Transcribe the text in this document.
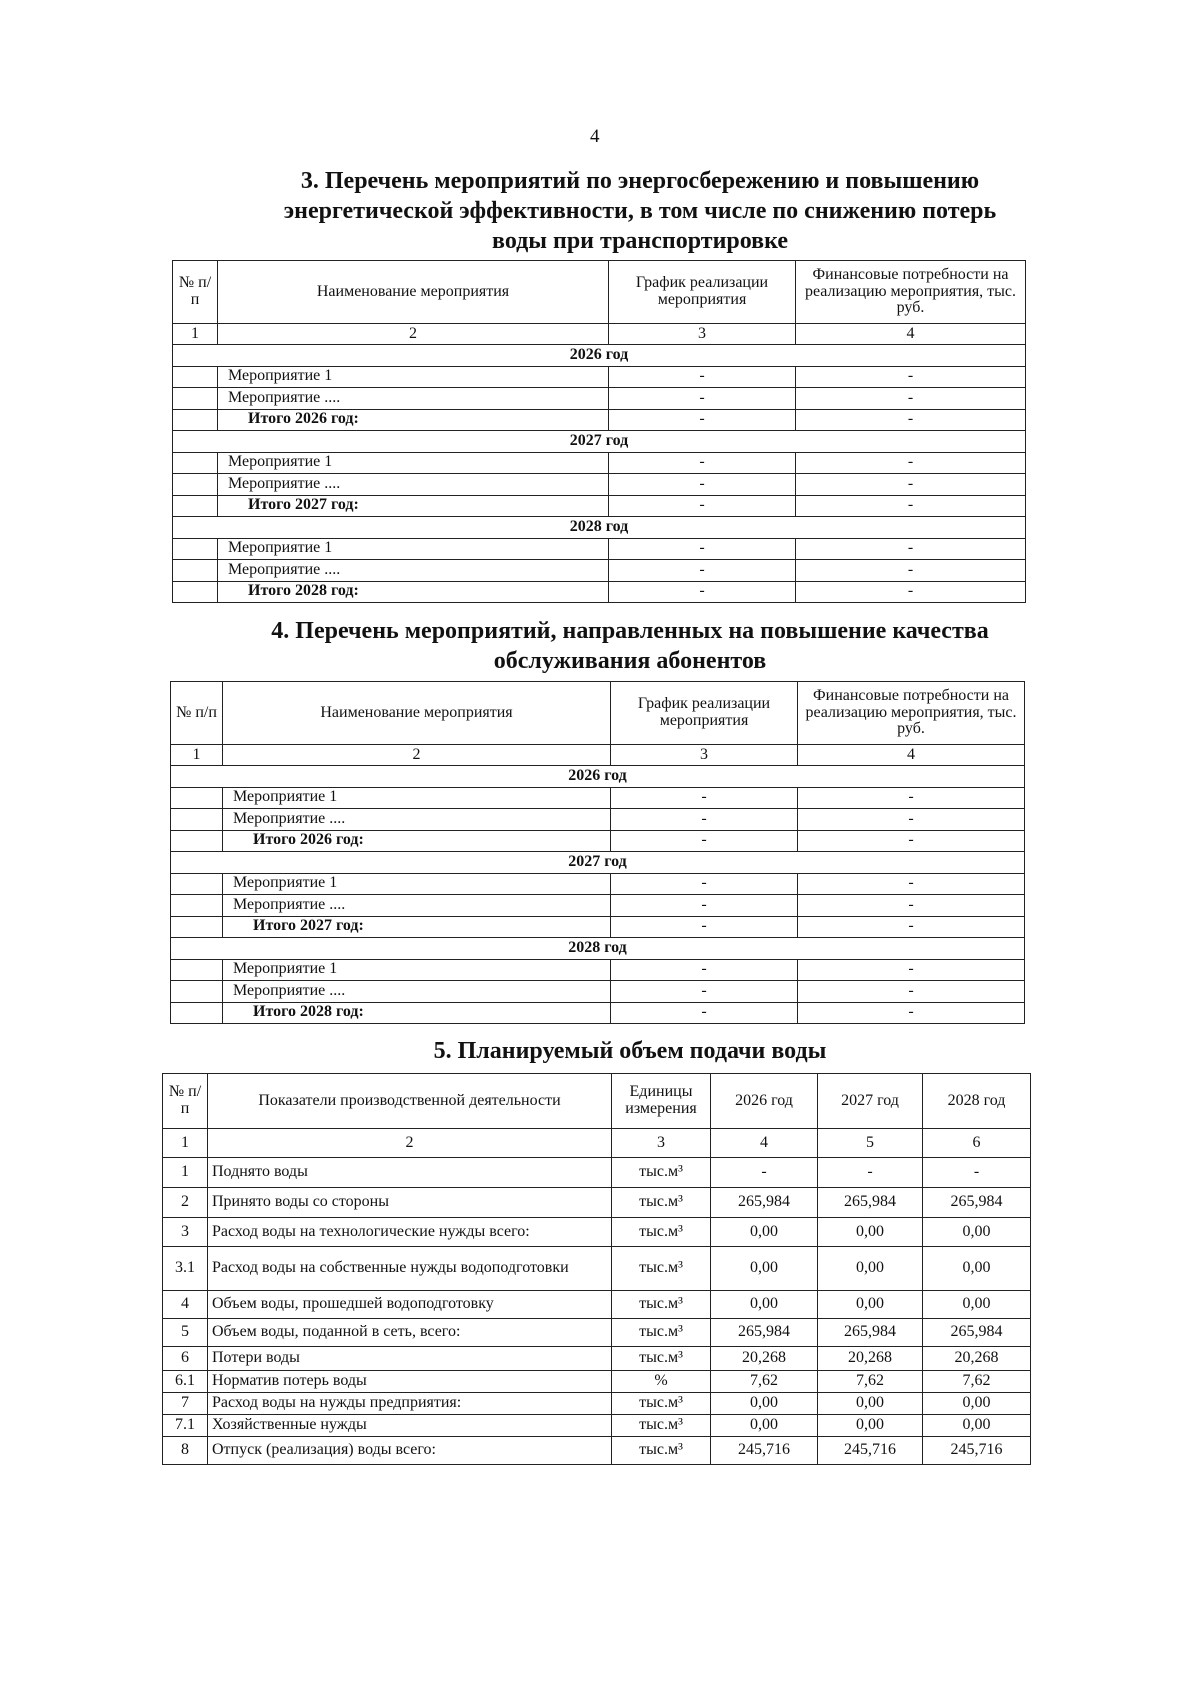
4
3. Перечень мероприятий по энергосбережению и повышению
энергетической эффективности, в том числе по снижению потерь
воды при транспортировке
№ п/п	Наименование мероприятия	График реализации мероприятия	Финансовые потребности на реализацию мероприятия, тыс. руб.
1	2	3	4
2026 год			
	Мероприятие 1	-	-
	Мероприятие ....	-	-
	Итого 2026 год:	-	-
2027 год			
	Мероприятие 1	-	-
	Мероприятие ....	-	-
	Итого 2027 год:	-	-
2028 год			
	Мероприятие 1	-	-
	Мероприятие ....	-	-
	Итого 2028 год:	-	-
4. Перечень мероприятий, направленных на повышение качества
обслуживания абонентов
№ п/п	Наименование мероприятия	График реализации мероприятия	Финансовые потребности на реализацию мероприятия, тыс. руб.
1	2	3	4
2026 год			
	Мероприятие 1	-	-
	Мероприятие ....	-	-
	Итого 2026 год:	-	-
2027 год			
	Мероприятие 1	-	-
	Мероприятие ....	-	-
	Итого 2027 год:	-	-
2028 год			
	Мероприятие 1	-	-
	Мероприятие ....	-	-
	Итого 2028 год:	-	-
5. Планируемый объем подачи воды
№ п/п	Показатели производственной деятельности	Единицы измерения	2026 год	2027 год	2028 год
1	2	3	4	5	6
1	Поднято воды	тыс.м³	-	-	-
2	Принято воды со стороны	тыс.м³	265,984	265,984	265,984
3	Расход воды на технологические нужды всего:	тыс.м³	0,00	0,00	0,00
3.1	Расход воды на собственные нужды водоподготовки	тыс.м³	0,00	0,00	0,00
4	Объем воды, прошедшей водоподготовку	тыс.м³	0,00	0,00	0,00
5	Объем воды, поданной в сеть, всего:	тыс.м³	265,984	265,984	265,984
6	Потери воды	тыс.м³	20,268	20,268	20,268
6.1	Норматив потерь воды	%	7,62	7,62	7,62
7	Расход воды на нужды предприятия:	тыс.м³	0,00	0,00	0,00
7.1	Хозяйственные нужды	тыс.м³	0,00	0,00	0,00
8	Отпуск (реализация) воды всего:	тыс.м³	245,716	245,716	245,716
